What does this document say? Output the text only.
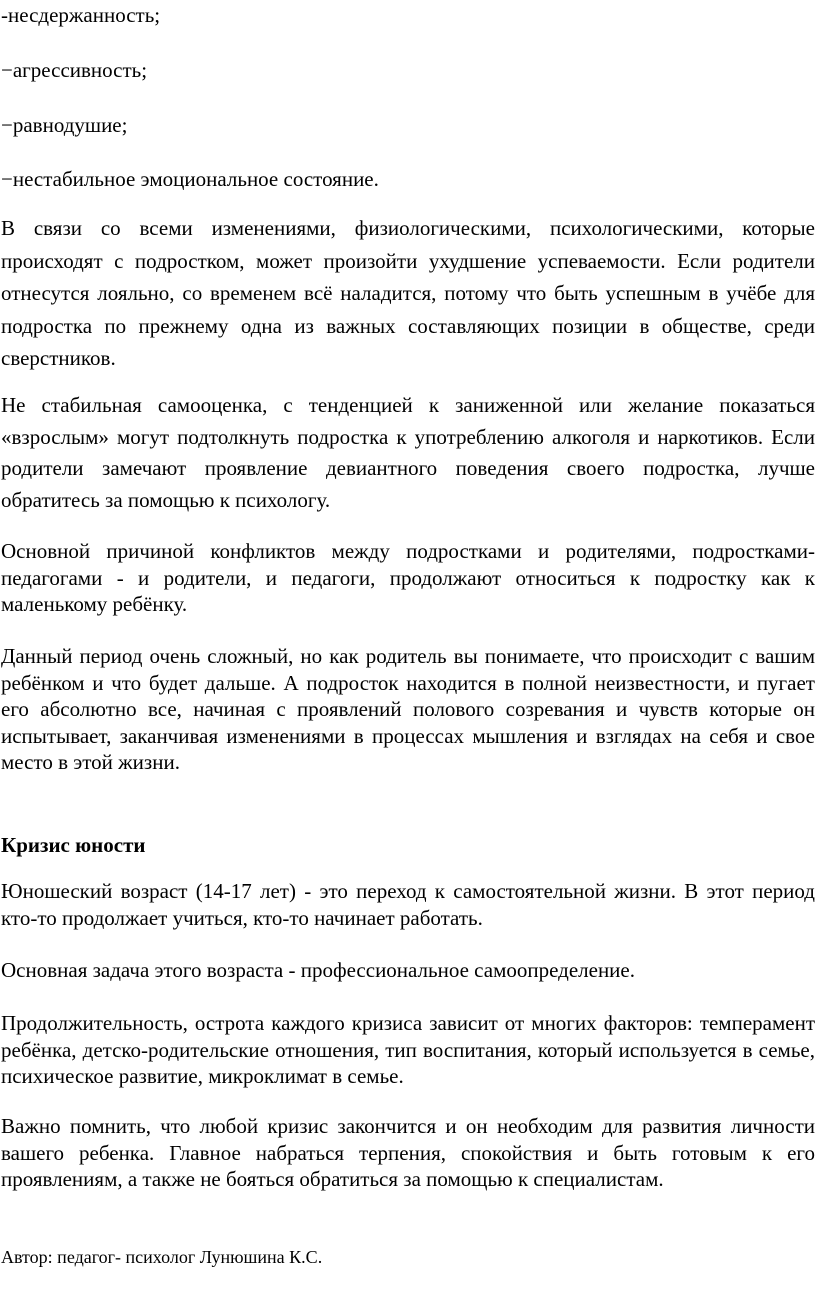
-несдержанность;

−агрессивность;

−равнодушие;

−нестабильное эмоциональное состояние.

В связи со всеми изменениями, физиологическими, психологическими, которые происходят с подростком, может произойти ухудшение успеваемости. Если родители отнесутся лояльно, со временем всё наладится, потому что быть успешным в учёбе для подростка по прежнему одна из важных составляющих позиции в обществе, среди сверстников.

Не стабильная самооценка, с тенденцией к заниженной или желание показаться «взрослым» могут подтолкнуть подростка к употреблению алкоголя и наркотиков. Если родители замечают проявление девиантного поведения своего подростка, лучше обратитесь за помощью к психологу.

Основной причиной конфликтов между подростками и родителями, подростками-педагогами - и родители, и педагоги, продолжают относиться к подростку как к маленькому ребёнку.

Данный период очень сложный, но как родитель вы понимаете, что происходит с вашим ребёнком и что будет дальше. А подросток находится в полной неизвестности, и пугает его абсолютно все, начиная с проявлений полового созревания и чувств которые он испытывает, заканчивая изменениями в процессах мышления и взглядах на себя и свое место в этой жизни.

Кризис юности

Юношеский возраст (14-17 лет) - это переход к самостоятельной жизни. В этот период кто-то продолжает учиться, кто-то начинает работать.

Основная задача этого возраста - профессиональное самоопределение.

Продолжительность, острота каждого кризиса зависит от многих факторов: темперамент ребёнка, детско-родительские отношения, тип воспитания, который используется в семье, психическое развитие, микроклимат в семье.

Важно помнить, что любой кризис закончится и он необходим для развития личности вашего ребенка. Главное набраться терпения, спокойствия и быть готовым к его проявлениям, а также не бояться обратиться за помощью к специалистам.

Автор: педагог- психолог Лунюшина К.С.
